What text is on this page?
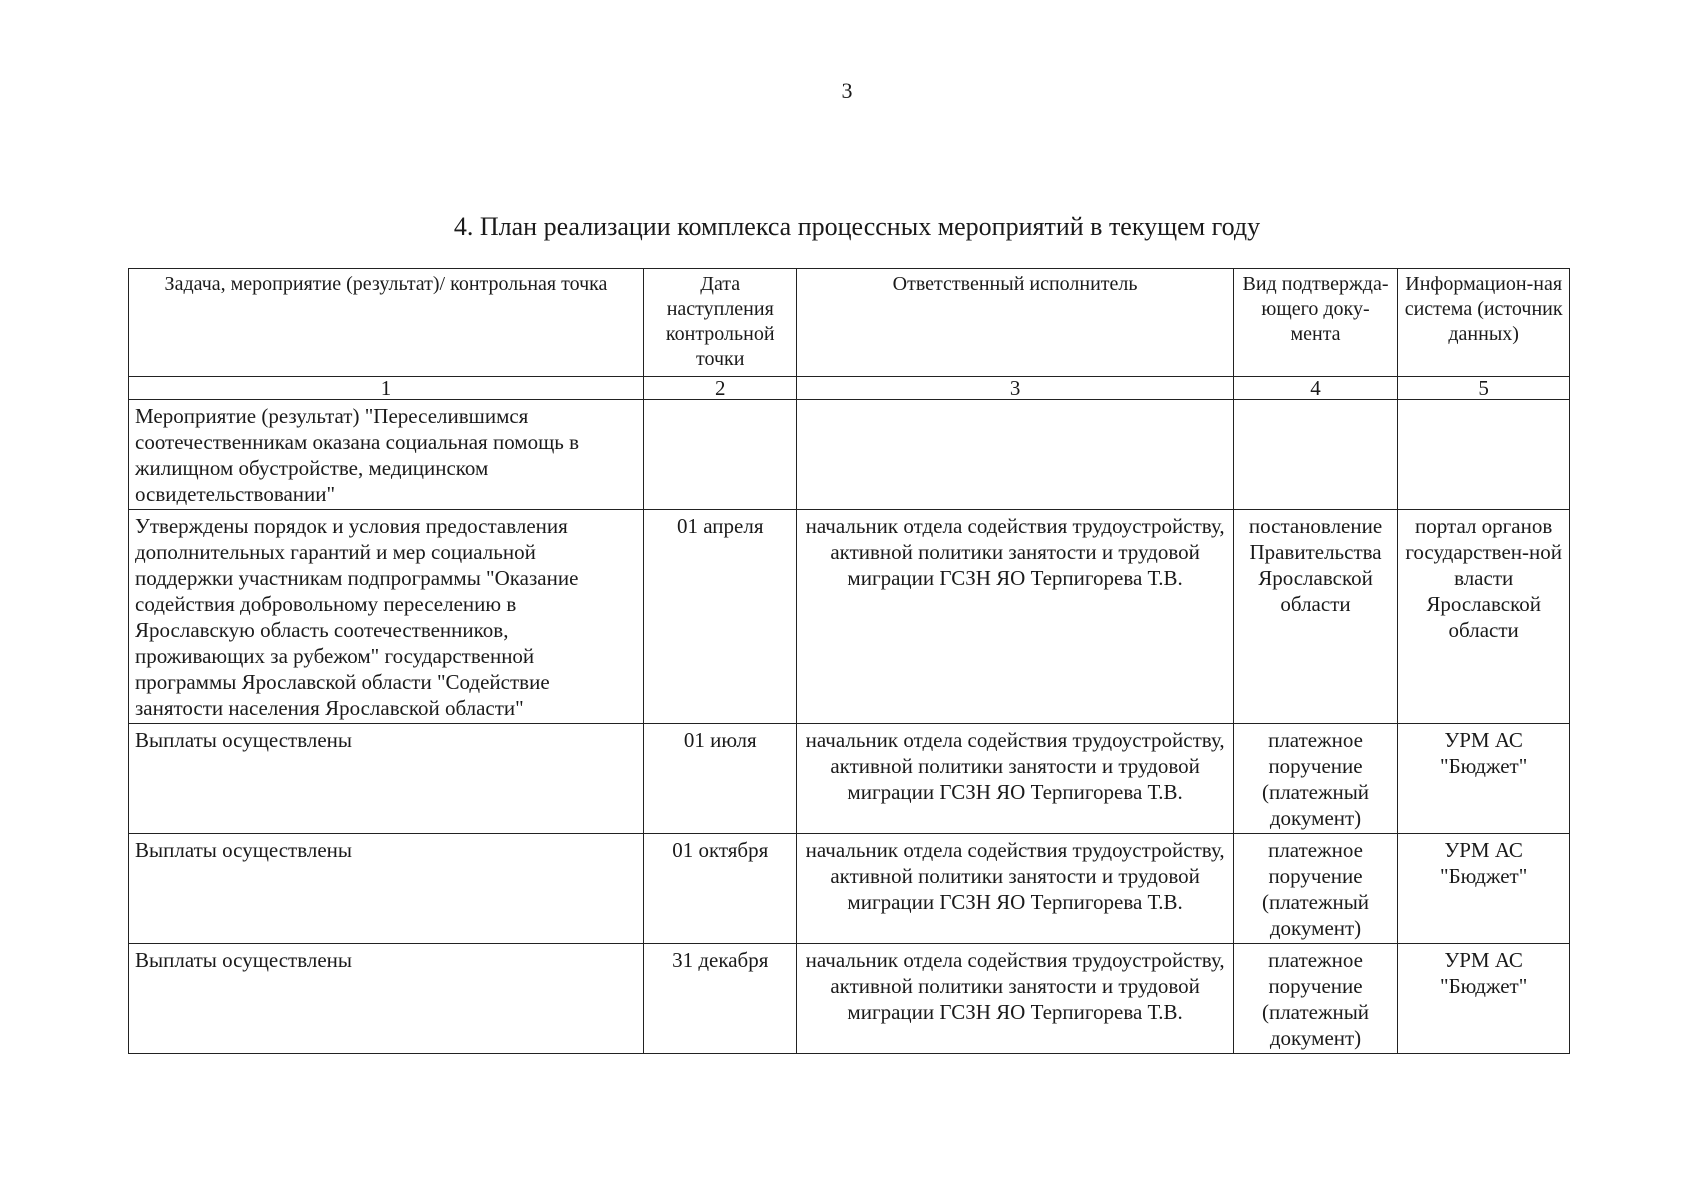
3
4. План реализации комплекса процессных мероприятий в текущем году
Задача, мероприятие (результат)/ контрольная точка	Дата наступления контрольной точки	Ответственный исполнитель	Вид подтвержда-ющего доку-мента	Информацион-ная система (источник данных)
1	2	3	4	5
Мероприятие (результат) "Переселившимся соотечественникам оказана социальная помощь в жилищном обустройстве, медицинском освидетельствовании"				
Утверждены порядок и условия предоставления дополнительных гарантий и мер социальной поддержки участникам подпрограммы "Оказание содействия добровольному переселению в Ярославскую область соотечественников, проживающих за рубежом" государственной программы Ярославской области "Содействие занятости населения Ярославской области"	01 апреля	начальник отдела содействия трудоустройству, активной политики занятости и трудовой миграции ГСЗН ЯО Терпигорева Т.В.	постановление Правительства Ярославской области	портал органов государствен-ной власти Ярославской области
Выплаты осуществлены	01 июля	начальник отдела содействия трудоустройству, активной политики занятости и трудовой миграции ГСЗН ЯО Терпигорева Т.В.	платежное поручение (платежный документ)	УРМ АС "Бюджет"
Выплаты осуществлены	01 октября	начальник отдела содействия трудоустройству, активной политики занятости и трудовой миграции ГСЗН ЯО Терпигорева Т.В.	платежное поручение (платежный документ)	УРМ АС "Бюджет"
Выплаты осуществлены	31 декабря	начальник отдела содействия трудоустройству, активной политики занятости и трудовой миграции ГСЗН ЯО Терпигорева Т.В.	платежное поручение (платежный документ)	УРМ АС "Бюджет"
